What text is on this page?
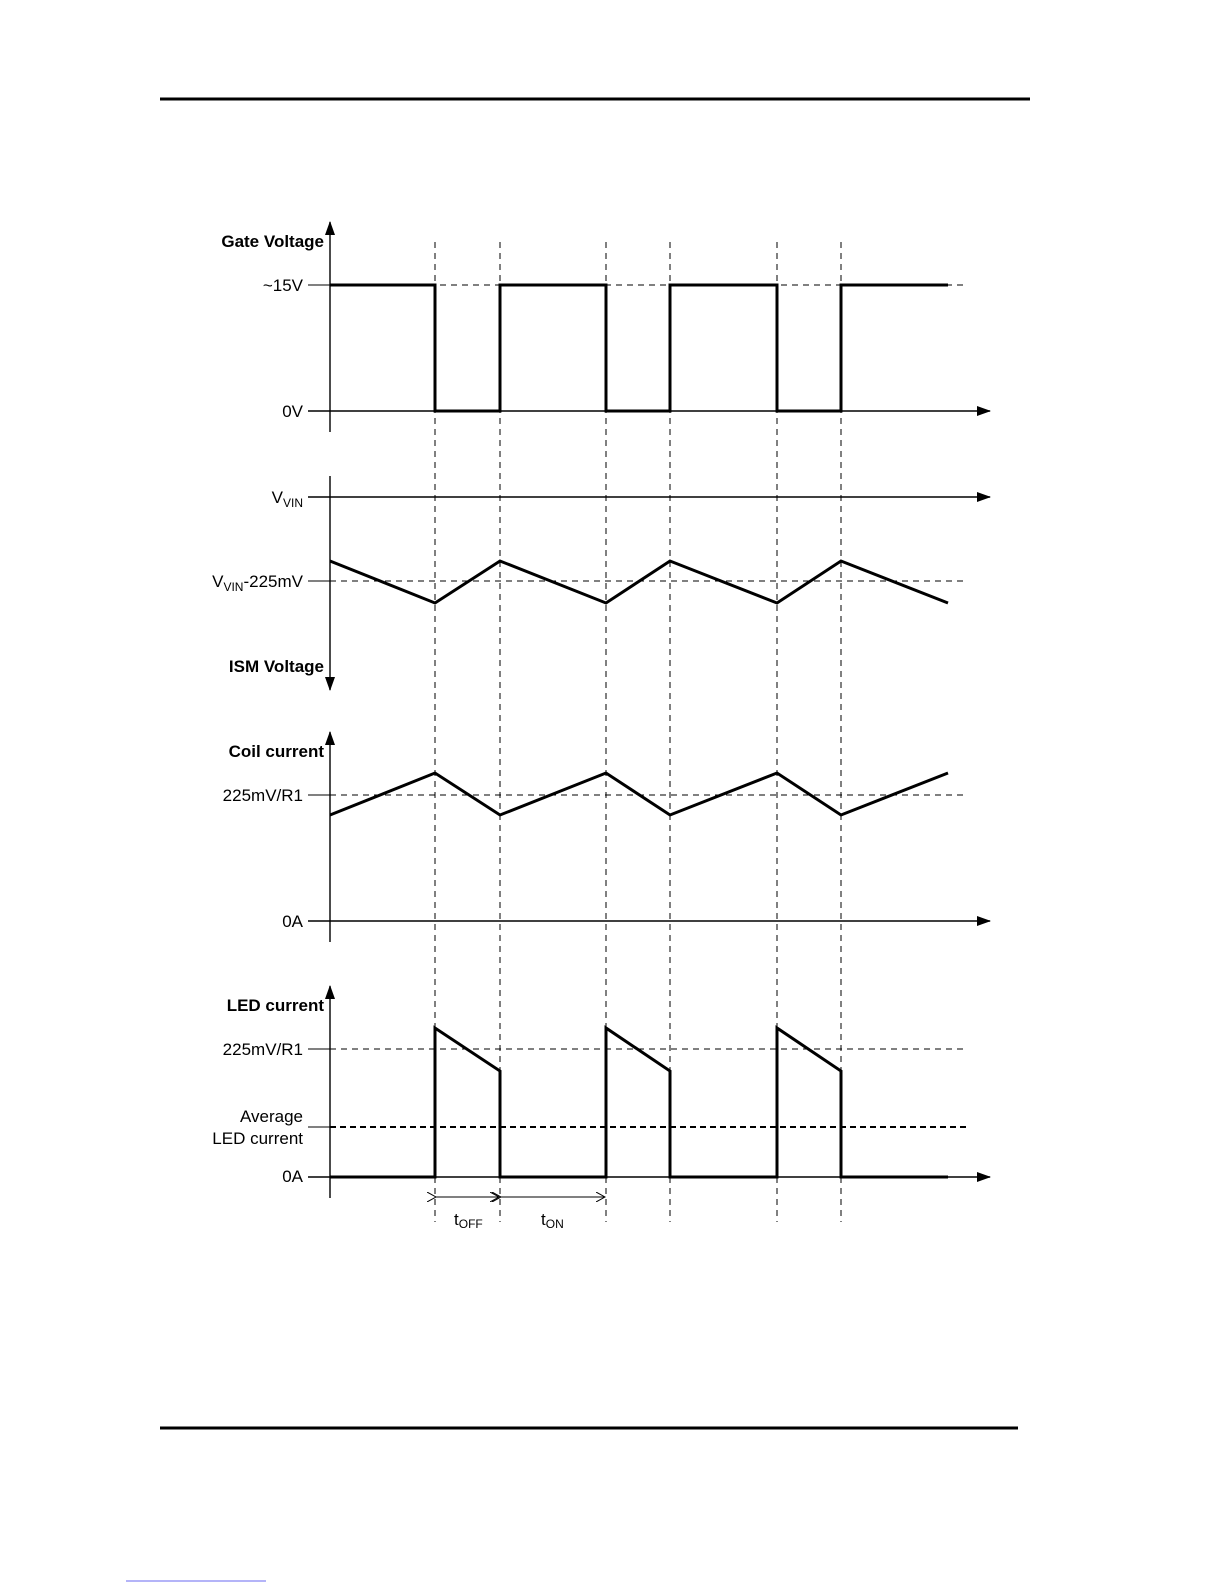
Gate Voltage
~15V
0V
$V_{VIN}$
$V_{VIN}-225mV$
ISM Voltage
Coil current
225mV/R1
0A
LED current
225mV/R1
Average
LED current
0A
tOFF	tON
